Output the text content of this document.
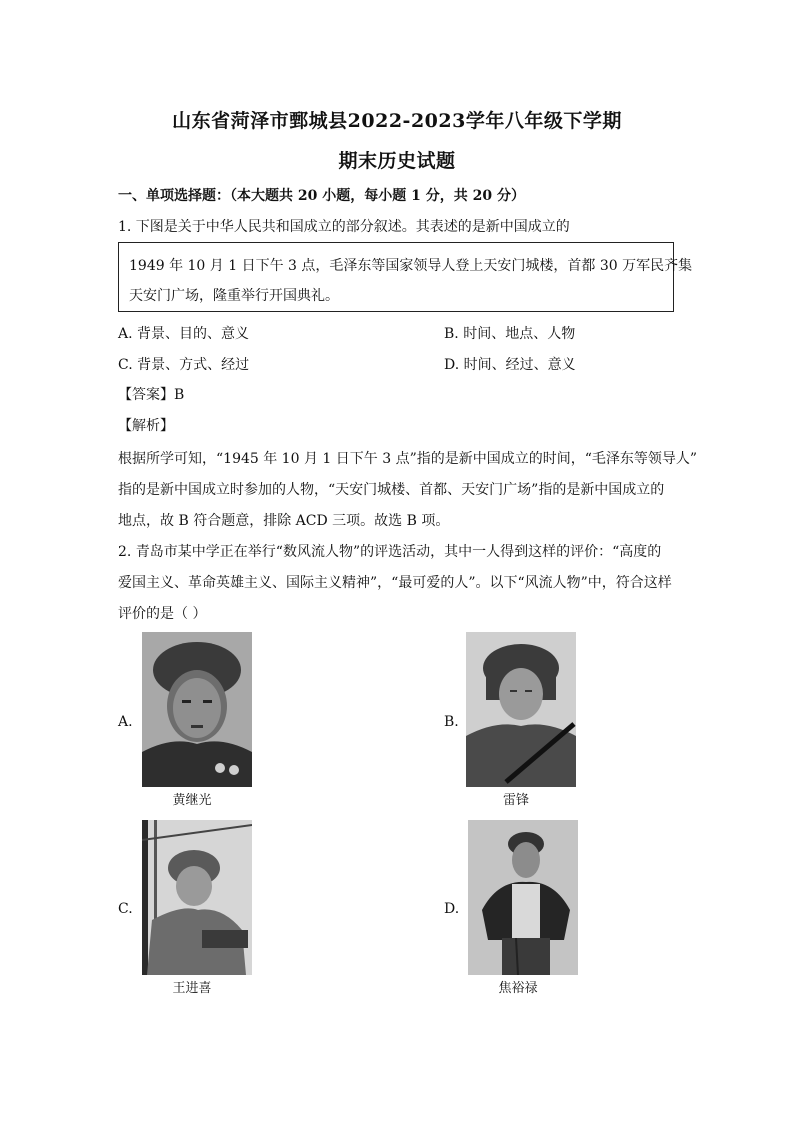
山东省菏泽市鄄城县2022-2023学年八年级下学期
期末历史试题
一、单项选择题：（本大题共 20 小题，每小题 1 分，共 20 分）
1. 下图是关于中华人民共和国成立的部分叙述。其表述的是新中国成立的
1949 年 10 月 1 日下午 3 点，毛泽东等国家领导人登上天安门城楼，首都 30 万军民齐集
天安门广场，隆重举行开国典礼。
A. 背景、目的、意义	B. 时间、地点、人物
C. 背景、方式、经过	D. 时间、经过、意义
【答案】B
【解析】
根据所学可知，“1945 年 10 月 1 日下午 3 点”指的是新中国成立的时间，“毛泽东等领导人”
指的是新中国成立时参加的人物，“天安门城楼、首都、天安门广场”指的是新中国成立的
地点，故 B 符合题意，排除 ACD 三项。故选 B 项。
2. 青岛市某中学正在举行“数风流人物”的评选活动，其中一人得到这样的评价：“高度的
爱国主义、革命英雄主义、国际主义精神”，“最可爱的人”。以下“风流人物”中，符合这样
评价的是（ ）
A.
黄继光
B.
雷锋
C.
王进喜
D.
焦裕禄
